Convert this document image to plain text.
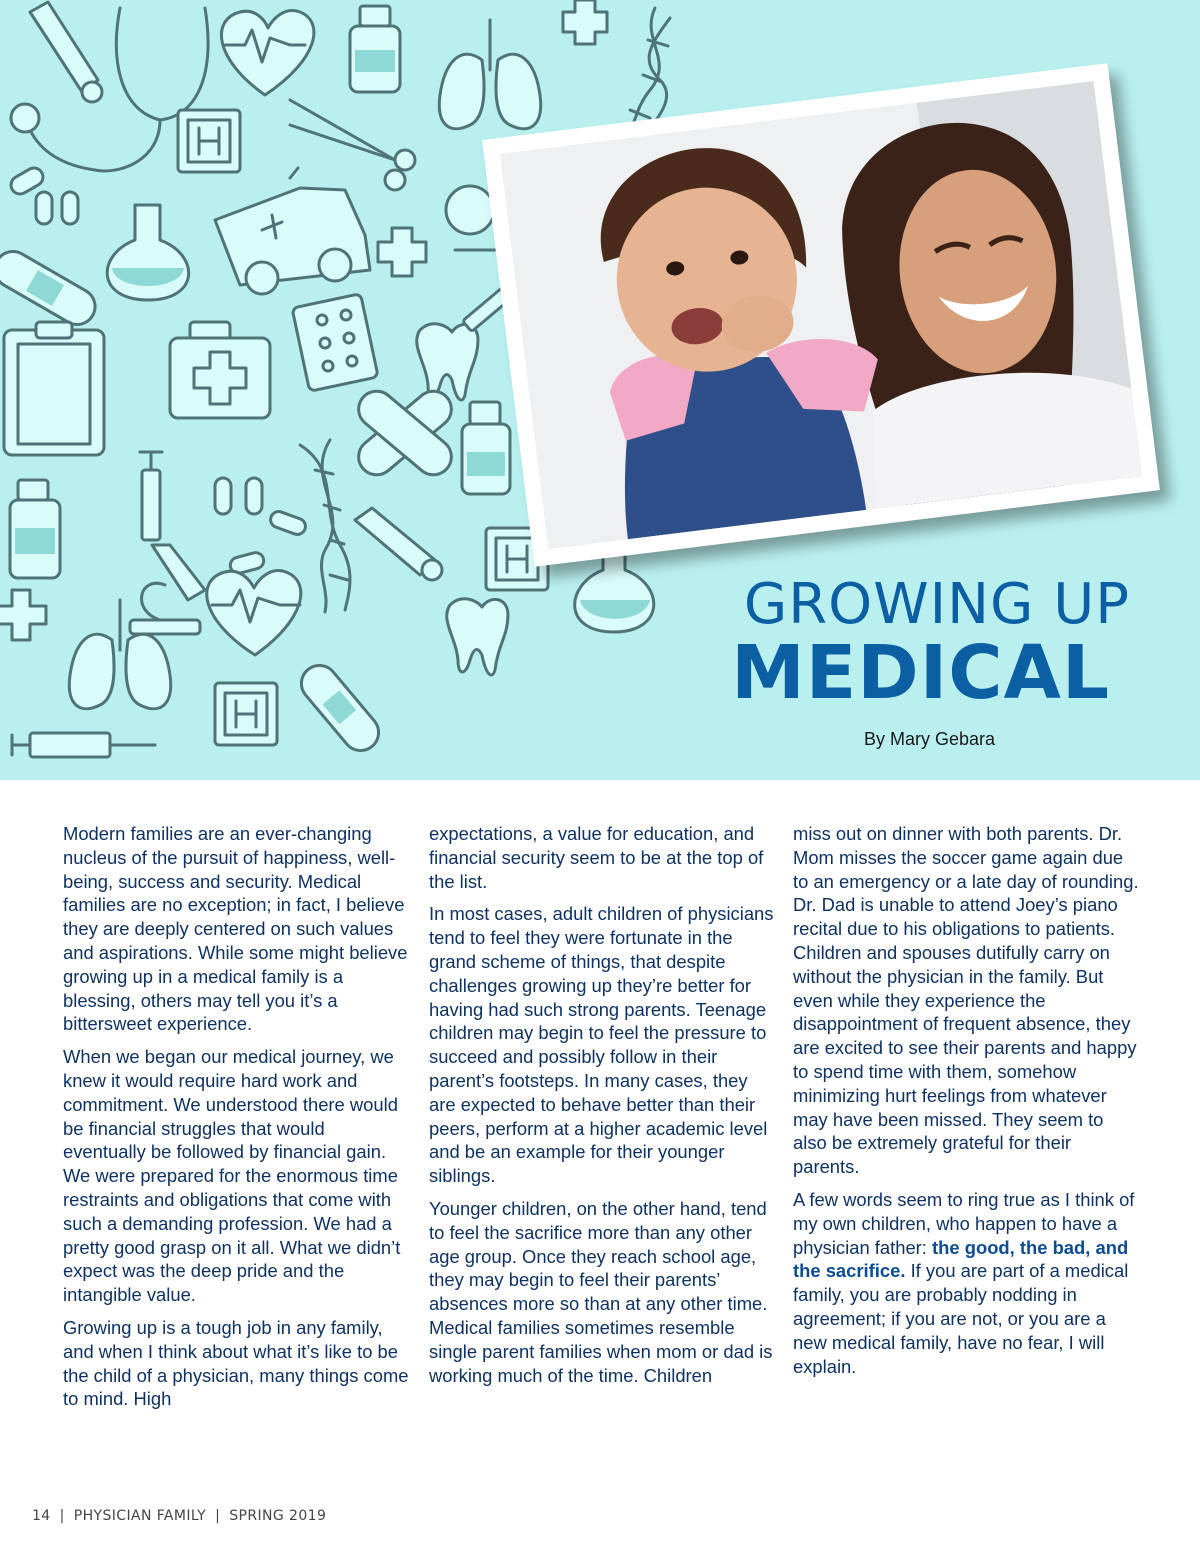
GROWING UP
MEDICAL
By Mary Gebara

Modern families are an ever-changing nucleus of the pursuit of happiness, well-being, success and security. Medical families are no exception; in fact, I believe they are deeply centered on such values and aspirations. While some might believe growing up in a medical family is a blessing, others may tell you it’s a bittersweet experience.

When we began our medical journey, we knew it would require hard work and commitment. We understood there would be financial struggles that would eventually be followed by financial gain. We were prepared for the enormous time restraints and obligations that come with such a demanding profession. We had a pretty good grasp on it all. What we didn’t expect was the deep pride and the intangible value.

Growing up is a tough job in any family, and when I think about what it’s like to be the child of a physician, many things come to mind. High

expectations, a value for education, and financial security seem to be at the top of the list.

In most cases, adult children of physicians tend to feel they were fortunate in the grand scheme of things, that despite challenges growing up they’re better for having had such strong parents. Teenage children may begin to feel the pressure to succeed and possibly follow in their parent’s footsteps. In many cases, they are expected to behave better than their peers, perform at a higher academic level and be an example for their younger siblings.

Younger children, on the other hand, tend to feel the sacrifice more than any other age group. Once they reach school age, they may begin to feel their parents’ absences more so than at any other time. Medical families sometimes resemble single parent families when mom or dad is working much of the time. Children

miss out on dinner with both parents. Dr. Mom misses the soccer game again due to an emergency or a late day of rounding. Dr. Dad is unable to attend Joey’s piano recital due to his obligations to patients. Children and spouses dutifully carry on without the physician in the family. But even while they experience the disappointment of frequent absence, they are excited to see their parents and happy to spend time with them, somehow minimizing hurt feelings from whatever may have been missed. They seem to also be extremely grateful for their parents.

A few words seem to ring true as I think of my own children, who happen to have a physician father: the good, the bad, and the sacrifice. If you are part of a medical family, you are probably nodding in agreement; if you are not, or you are a new medical family, have no fear, I will explain.

14 | PHYSICIAN FAMILY | SPRING 2019
